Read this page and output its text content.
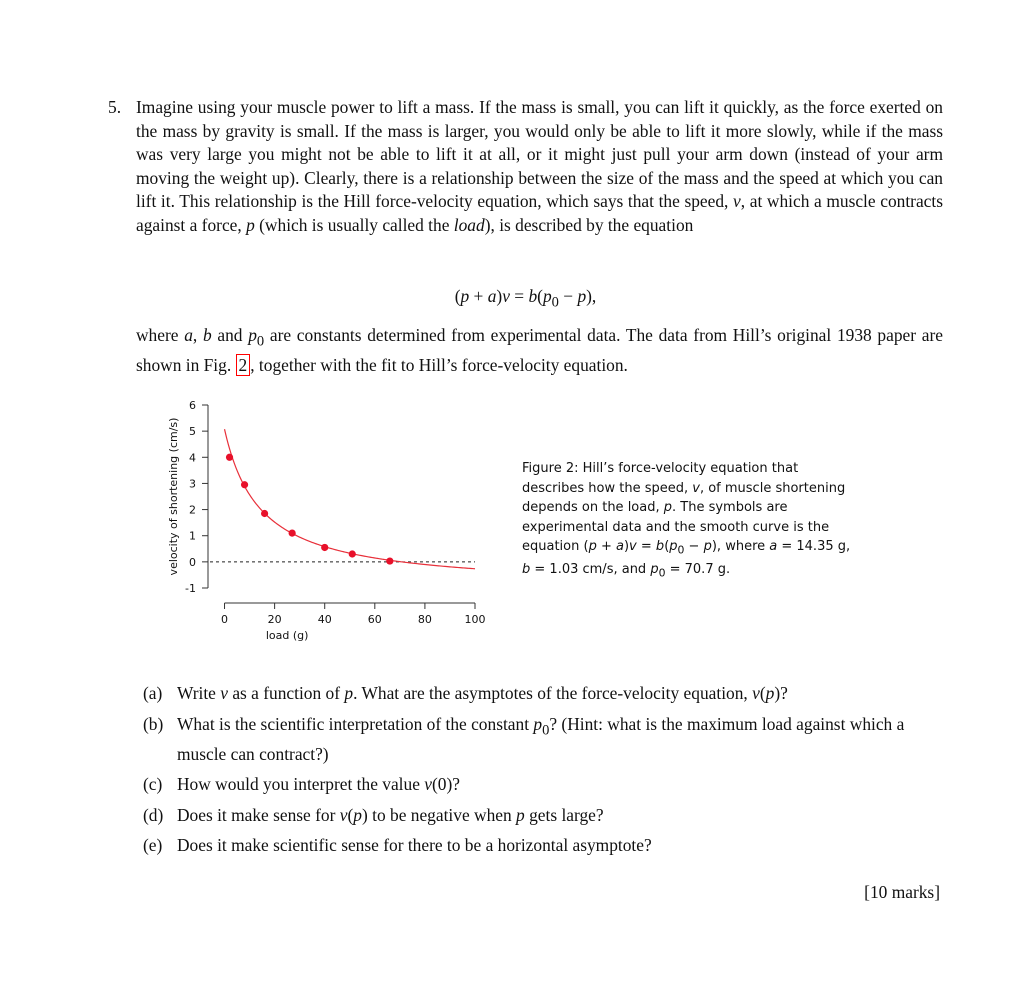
5. Imagine using your muscle power to lift a mass. If the mass is small, you can lift it quickly, as the force exerted on the mass by gravity is small. If the mass is larger, you would only be able to lift it more slowly, while if the mass was very large you might not be able to lift it at all, or it might just pull your arm down (instead of your arm moving the weight up). Clearly, there is a relationship between the size of the mass and the speed at which you can lift it. This relationship is the Hill force-velocity equation, which says that the speed, v, at which a muscle contracts against a force, p (which is usually called the load), is described by the equation
$(p + a)v = b(p_0 - p)$,
where a, b and $p_0$ are constants determined from experimental data. The data from Hill’s original 1938 paper are shown in Fig. 2 , together with the fit to Hill’s force-velocity equation.
-1
0
1
2
3
4
5
6
0	20	40	60	80	100
load (g)
velocity of shortening (cm/s)	Figure 2: Hill’s force-velocity equation that describes how the speed, v, of muscle shortening depends on the load, p. The symbols are experimental data and the smooth curve is the equation $(p + a)v = b(p_0 - p)$, where a = 14.35 g, b = 1.03 cm/s, and $p_0 = 70.7$ g.
(a) Write v as a function of p. What are the asymptotes of the force-velocity equation, v(p)?
(b) What is the scientific interpretation of the constant $p_0$? (Hint: what is the maximum load against which a muscle can contract?)
(c) How would you interpret the value v(0)?
(d) Does it make sense for v(p) to be negative when p gets large?
(e) Does it make scientific sense for there to be a horizontal asymptote?
[10 marks]
